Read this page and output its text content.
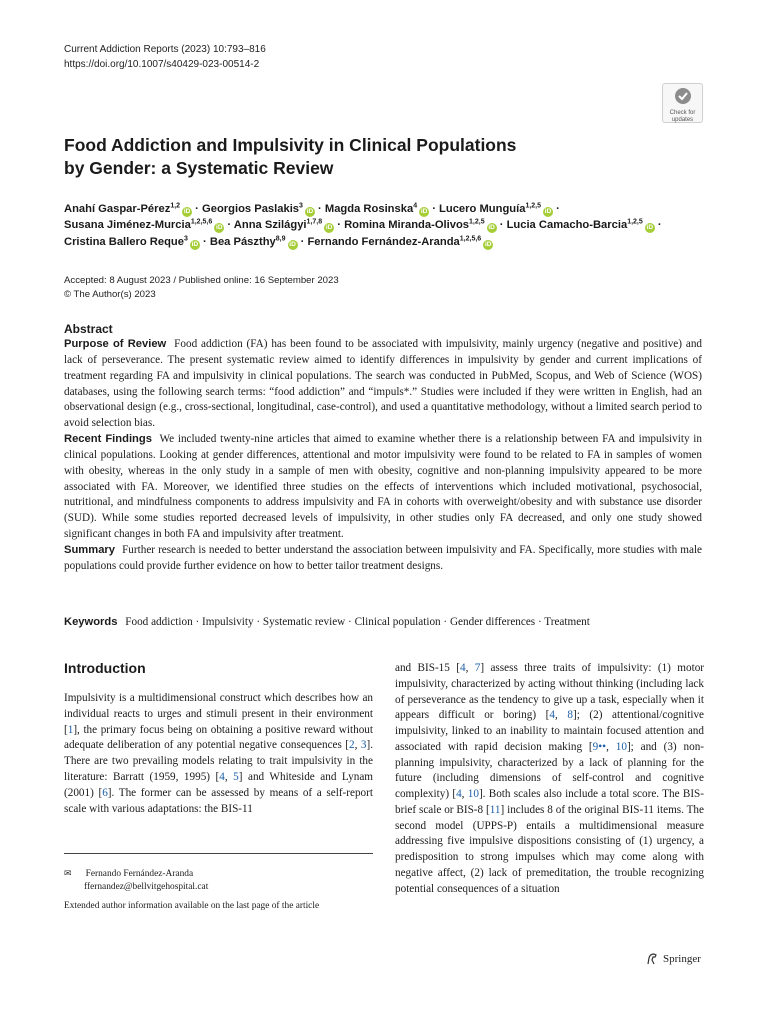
Current Addiction Reports (2023) 10:793–816
https://doi.org/10.1007/s40429-023-00514-2
Check for
updates
Food Addiction and Impulsivity in Clinical Populations
by Gender: a Systematic Review
Anahí Gaspar-Pérez$^{1,2}$iD · Georgios Paslakis$^3$iD · Magda Rosinska$^4$iD · Lucero Munguía$^{1,2,5}$iD ·
Susana Jiménez-Murcia$^{1,2,5,6}$iD · Anna Szilágyi$^{1,7,8}$iD · Romina Miranda-Olivos$^{1,2,5}$iD · Lucia Camacho-Barcia$^{1,2,5}$iD ·
Cristina Ballero Reque$^3$iD · Bea Pászthy$^{8,9}$iD · Fernando Fernández-Aranda$^{1,2,5,6}$iD
Accepted: 8 August 2023 / Published online: 16 September 2023
© The Author(s) 2023
Abstract

Purpose of Review Food addiction (FA) has been found to be associated with impulsivity, mainly urgency (negative and positive) and lack of perseverance. The present systematic review aimed to identify differences in impulsivity by gender and current implications of treatment regarding FA and impulsivity in clinical populations. The search was conducted in PubMed, Scopus, and Web of Science (WOS) databases, using the following search terms: “food addiction” and “impuls*.” Studies were included if they were written in English, had an observational design (e.g., cross-sectional, longitudinal, case-control), and used a quantitative methodology, without a limited search period to avoid selection bias.

Recent Findings We included twenty-nine articles that aimed to examine whether there is a relationship between FA and impulsivity in clinical populations. Looking at gender differences, attentional and motor impulsivity were found to be related to FA in samples of women with obesity, whereas in the only study in a sample of men with obesity, cognitive and non-planning impulsivity appeared to be more associated with FA. Moreover, we identified three studies on the effects of interventions which included motivational, psychosocial, nutritional, and mindfulness components to address impulsivity and FA in cohorts with overweight/obesity and with substance use disorder (SUD). While some studies reported decreased levels of impulsivity, in other studies only FA decreased, and only one study showed significant changes in both FA and impulsivity after treatment.

Summary Further research is needed to better understand the association between impulsivity and FA. Specifically, more studies with male populations could provide further evidence on how to better tailor treatment designs.

Keywords Food addiction · Impulsivity · Systematic review · Clinical population · Gender differences · Treatment
Introduction

Impulsivity is a multidimensional construct which describes how an individual reacts to urges and stimuli present in their environment [1], the primary focus being on obtaining a positive reward without adequate deliberation of any potential negative consequences [2, 3]. There are two prevailing models relating to trait impulsivity in the literature: Barratt (1959, 1995) [4, 5] and Whiteside and Lynam (2001) [6]. The former can be assessed by means of a self-report scale with various adaptations: the BIS-11

and BIS-15 [4, 7] assess three traits of impulsivity: (1) motor impulsivity, characterized by acting without thinking (including lack of perseverance as the tendency to give up a task, especially when it appears difficult or boring) [4, 8]; (2) attentional/cognitive impulsivity, linked to an inability to maintain focused attention and associated with rapid decision making [9••, 10]; and (3) non-planning impulsivity, characterized by a lack of planning for the future (including dimensions of self-control and cognitive complexity) [4, 10]. Both scales also include a total score. The BIS-brief scale or BIS-8 [11] includes 8 of the original BIS-11 items. The second model (UPPS-P) entails a multidimensional measure addressing five impulsive dispositions consisting of (1) urgency, a predisposition to strong impulses which may come along with negative affect, (2) lack of premeditation, the trouble recognizing potential consequences of a situation

✉ Fernando Fernández-Aranda
ffernandez@bellvitgehospital.cat
Extended author information available on the last page of the article
Springer
